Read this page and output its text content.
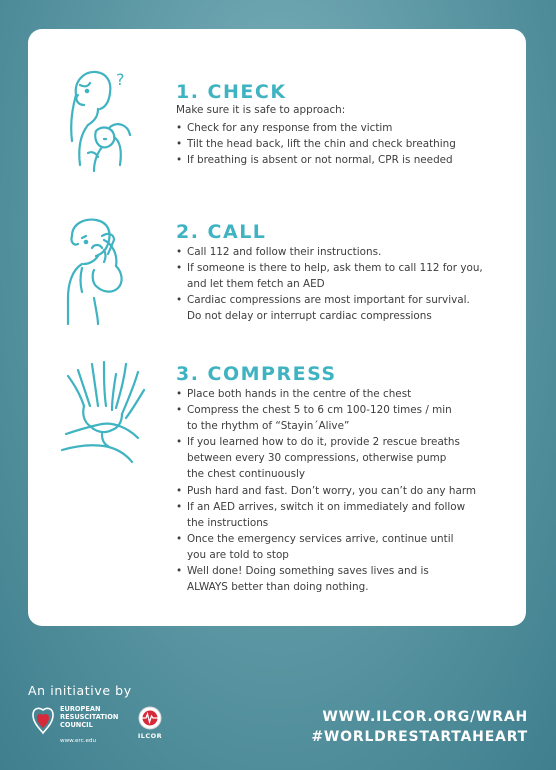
?
1. CHECK
Make sure it is safe to approach:
• Check for any response from the victim
• Tilt the head back, lift the chin and check breathing
• If breathing is absent or not normal, CPR is needed
2. CALL
• Call 112 and follow their instructions.
• If someone is there to help, ask them to call 112 for you,
and let them fetch an AED
• Cardiac compressions are most important for survival.
Do not delay or interrupt cardiac compressions
3. COMPRESS
• Place both hands in the centre of the chest
• Compress the chest 5 to 6 cm 100-120 times / min
to the rhythm of “Stayin´Alive”
• If you learned how to do it, provide 2 rescue breaths
between every 30 compressions, otherwise pump
the chest continuously
• Push hard and fast. Don’t worry, you can’t do any harm
• If an AED arrives, switch it on immediately and follow
the instructions
• Once the emergency services arrive, continue until
you are told to stop
• Well done! Doing something saves lives and is
ALWAYS better than doing nothing.
An initiative by
EUROPEAN
RESUSCITATION
COUNCIL
www.erc.edu
ILCOR
WWW.ILCOR.ORG/WRAH
#WORLDRESTARTAHEART
